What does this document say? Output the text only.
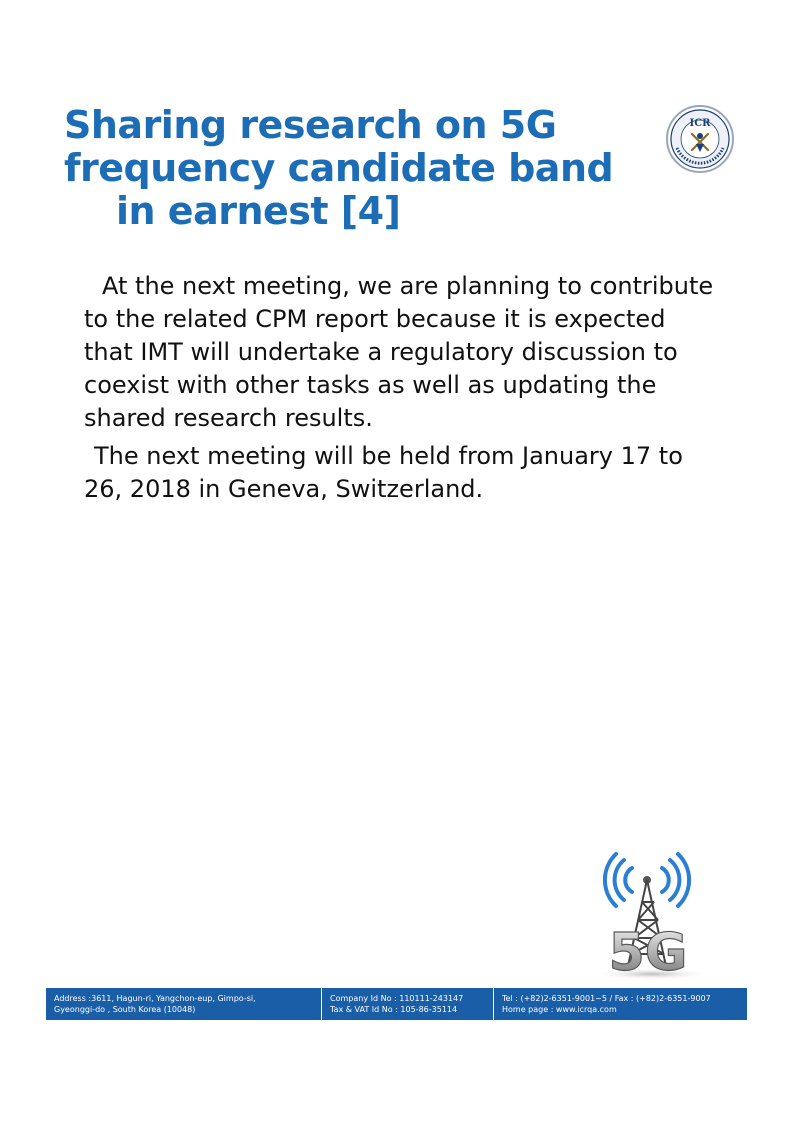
Sharing research on 5G
frequency candidate band
in earnest [4]
ICR

At the next meeting, we are planning to contribute to the related CPM report because it is expected that IMT will undertake a regulatory discussion to coexist with other tasks as well as updating the shared research results.

The next meeting will be held from January 17 to 26, 2018 in Geneva, Switzerland.

5G
Address :3611, Hagun-ri, Yangchon-eup, Gimpo-si,
Gyeonggi-do , South Korea (10048)
Company Id No : 110111-243147
Tax & VAT Id No : 105-86-35114
Tel : (+82)2-6351-9001~5 / Fax : (+82)2-6351-9007
Home page : www.icrqa.com
